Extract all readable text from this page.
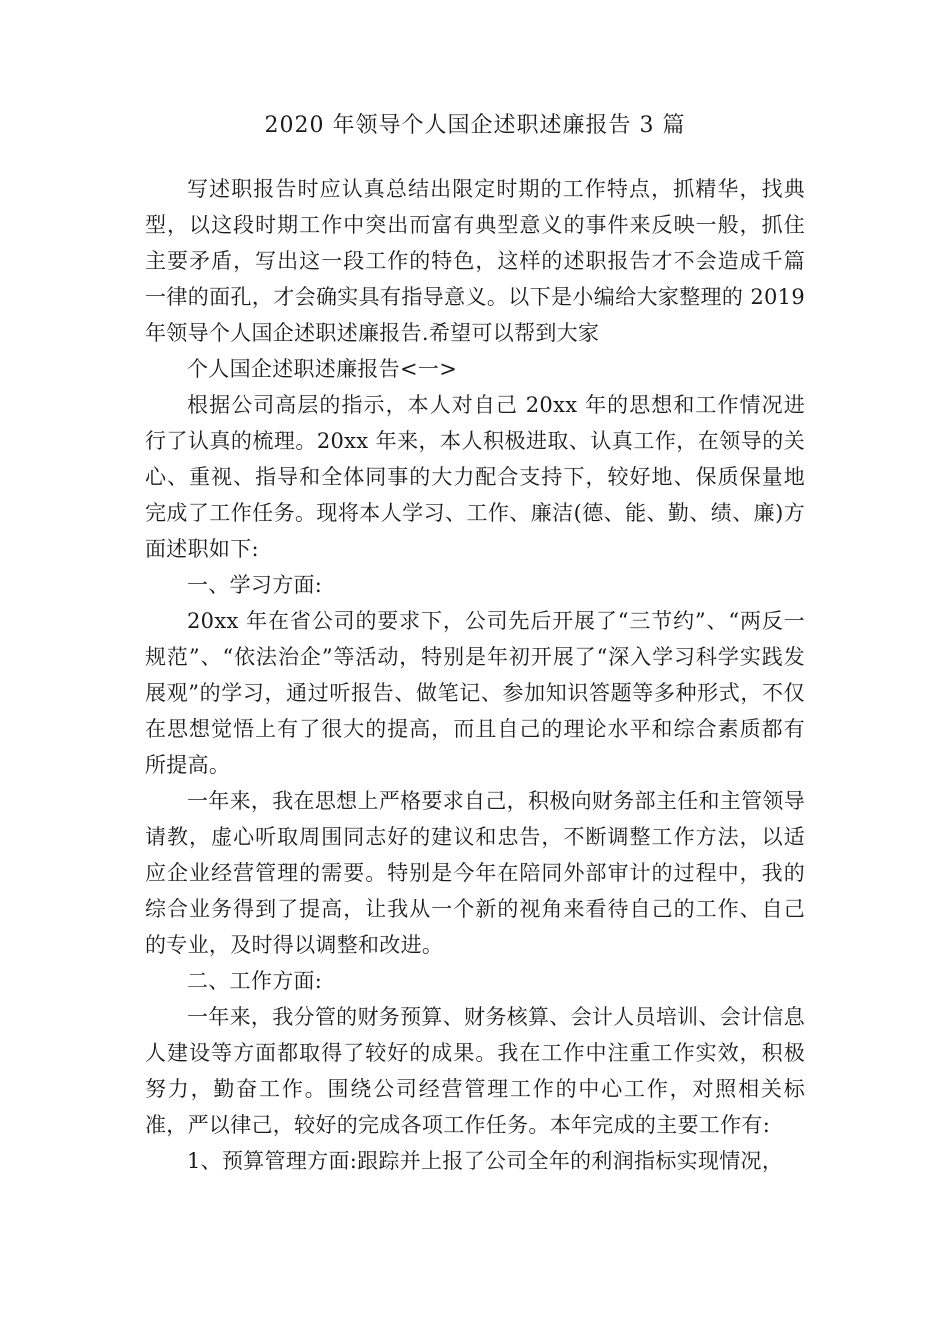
2020 年领导个人国企述职述廉报告 3 篇

写述职报告时应认真总结出限定时期的工作特点，抓精华，找典型，以这段时期工作中突出而富有典型意义的事件来反映一般，抓住主要矛盾，写出这一段工作的特色，这样的述职报告才不会造成千篇一律的面孔，才会确实具有指导意义。以下是小编给大家整理的 2019 年领导个人国企述职述廉报告.希望可以帮到大家

个人国企述职述廉报告<一>

根据公司高层的指示，本人对自己 20xx 年的思想和工作情况进行了认真的梳理。20xx 年来，本人积极进取、认真工作，在领导的关心、重视、指导和全体同事的大力配合支持下，较好地、保质保量地完成了工作任务。现将本人学习、工作、廉洁(德、能、勤、绩、廉)方面述职如下:

一、学习方面:

20xx 年在省公司的要求下，公司先后开展了“三节约”、“两反一规范”、“依法治企”等活动，特别是年初开展了“深入学习科学实践发展观”的学习，通过听报告、做笔记、参加知识答题等多种形式，不仅在思想觉悟上有了很大的提高，而且自己的理论水平和综合素质都有所提高。

一年来，我在思想上严格要求自己，积极向财务部主任和主管领导请教，虚心听取周围同志好的建议和忠告，不断调整工作方法，以适应企业经营管理的需要。特别是今年在陪同外部审计的过程中，我的综合业务得到了提高，让我从一个新的视角来看待自己的工作、自己的专业，及时得以调整和改进。

二、工作方面:

一年来，我分管的财务预算、财务核算、会计人员培训、会计信息人建设等方面都取得了较好的成果。我在工作中注重工作实效，积极努力，勤奋工作。围绕公司经营管理工作的中心工作，对照相关标准，严以律己，较好的完成各项工作任务。本年完成的主要工作有:

1、预算管理方面:跟踪并上报了公司全年的利润指标实现情况，
